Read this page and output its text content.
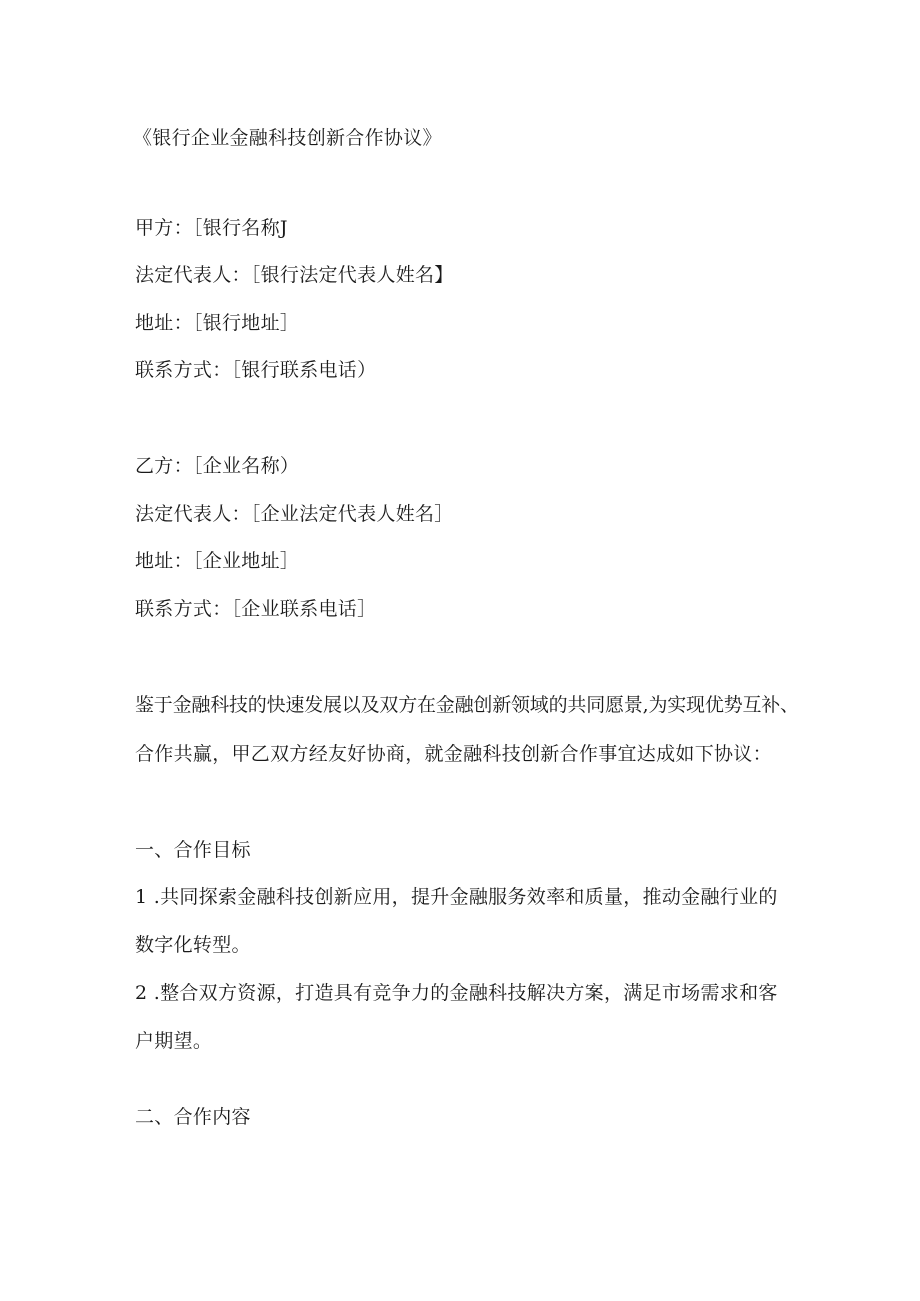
《银行企业金融科技创新合作协议》
甲方：［银行名称J
法定代表人：［银行法定代表人姓名】
地址：［银行地址］
联系方式：［银行联系电话）
乙方：［企业名称）
法定代表人：［企业法定代表人姓名］
地址：［企业地址］
联系方式：［企业联系电话］
鉴于金融科技的快速发展以及双方在金融创新领域的共同愿景,为实现优势互补、
合作共赢，甲乙双方经友好协商，就金融科技创新合作事宜达成如下协议：
一、合作目标
1 .共同探索金融科技创新应用，提升金融服务效率和质量，推动金融行业的
数字化转型。
2 .整合双方资源，打造具有竞争力的金融科技解决方案，满足市场需求和客
户期望。
二、合作内容
